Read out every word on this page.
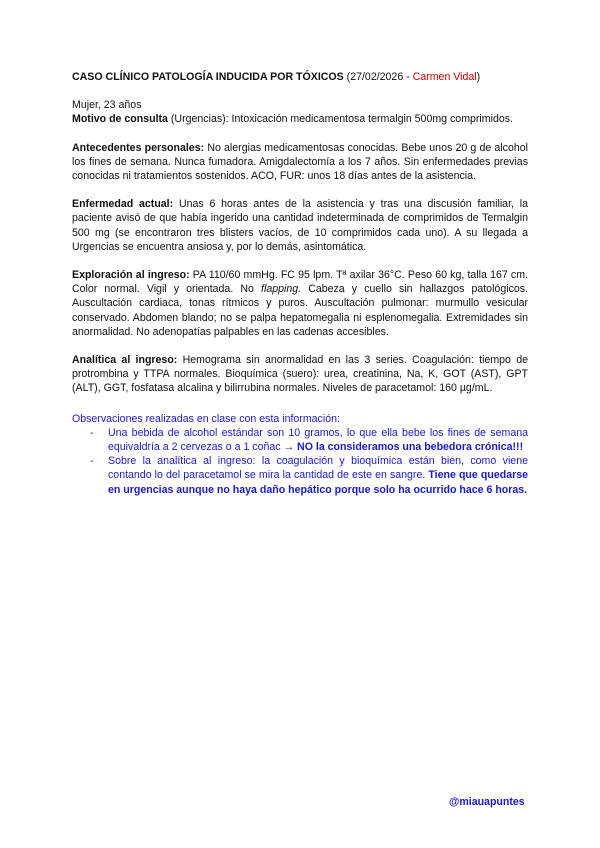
CASO CLÍNICO PATOLOGÍA INDUCIDA POR TÓXICOS (27/02/2026 - Carmen Vidal)

Mujer, 23 años

Motivo de consulta (Urgencias): Intoxicación medicamentosa termalgin 500mg comprimidos.

Antecedentes personales: No alergias medicamentosas conocidas. Bebe unos 20 g de alcohol los fines de semana. Nunca fumadora. Amigdalectomía a los 7 años. Sin enfermedades previas conocidas ni tratamientos sostenidos. ACO, FUR: unos 18 días antes de la asistencia.

Enfermedad actual: Unas 6 horas antes de la asistencia y tras una discusión familiar, la paciente avisó de que había ingerido una cantidad indeterminada de comprimidos de Termalgin 500 mg (se encontraron tres blisters vacíos, de 10 comprimidos cada uno). A su llegada a Urgencias se encuentra ansiosa y, por lo demás, asintomática.

Exploración al ingreso: PA 110/60 mmHg. FC 95 lpm. Tª axilar 36°C. Peso 60 kg, talla 167 cm. Color normal. Vigil y orientada. No flapping. Cabeza y cuello sin hallazgos patológicos. Auscultación cardiaca, tonas rítmicos y puros. Auscultación pulmonar: murmullo vesicular conservado. Abdomen blando; no se palpa hepatomegalia ni esplenomegalia. Extremidades sin anormalidad. No adenopatías palpables en las cadenas accesibles.

Analítica al ingreso: Hemograma sin anormalidad en las 3 series. Coagulación: tiempo de protrombina y TTPA normales. Bioquímica (suero): urea, creatinina, Na, K, GOT (AST), GPT (ALT), GGT, fosfatasa alcalina y bilirrubina normales. Niveles de paracetamol: 160 µg/mL.

Observaciones realizadas en clase con esta información:
- Una bebida de alcohol estándar son 10 gramos, lo que ella bebe los fines de semana equivaldría a 2 cervezas o a 1 coñac → NO la consideramos una bebedora crónica!!!
- Sobre la analítica al ingreso: la coagulación y bioquímica están bien, como viene contando lo del paracetamol se mira la cantidad de este en sangre. Tiene que quedarse en urgencias aunque no haya daño hepático porque solo ha ocurrido hace 6 horas.
@miauapuntes
